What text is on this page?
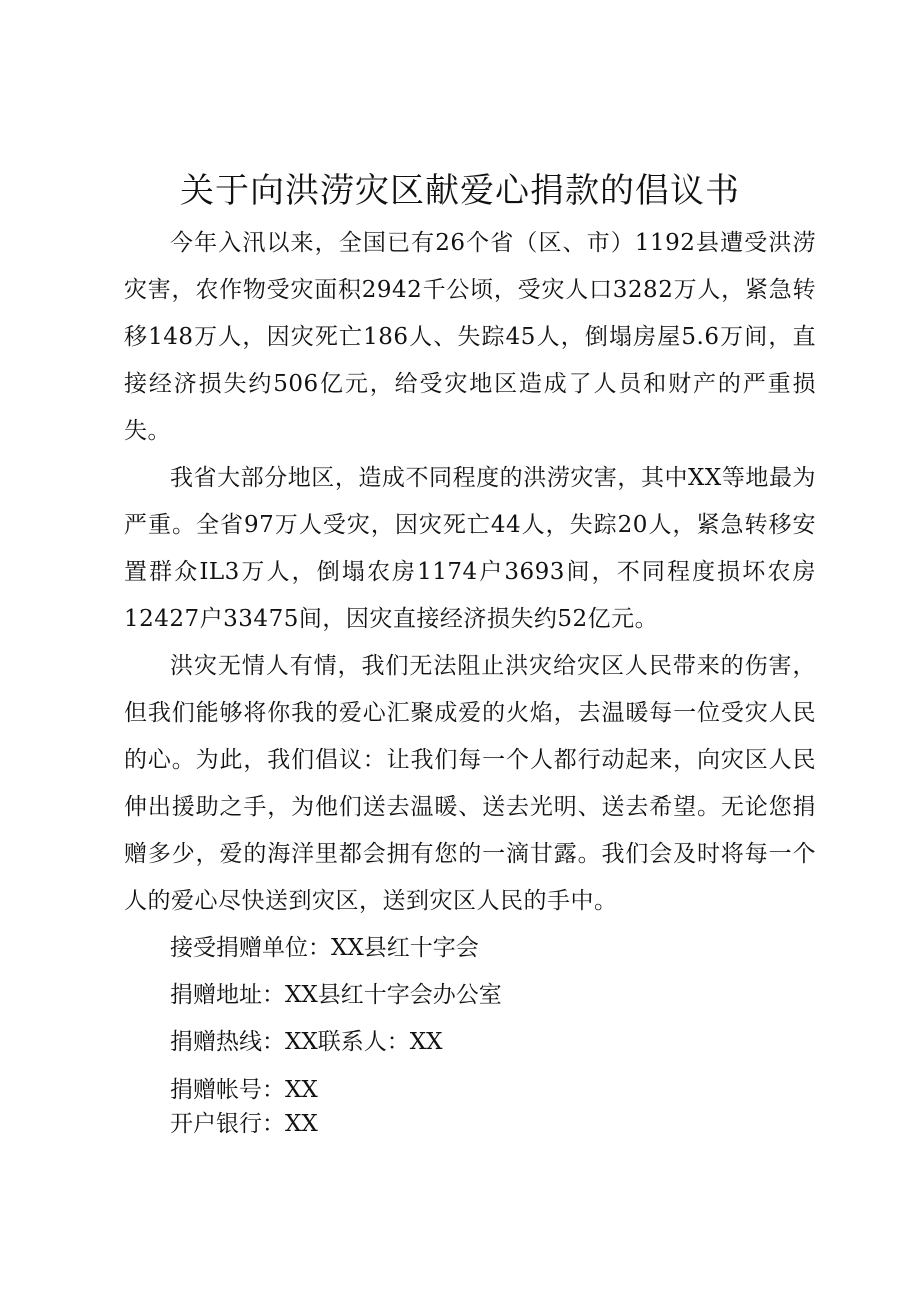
关于向洪涝灾区献爱心捐款的倡议书

今年入汛以来，全国已有26个省（区、市）1192县遭受洪涝灾害，农作物受灾面积2942千公顷，受灾人口3282万人，紧急转移148万人，因灾死亡186人、失踪45人，倒塌房屋5.6万间，直接经济损失约506亿元，给受灾地区造成了人员和财产的严重损失。

我省大部分地区，造成不同程度的洪涝灾害，其中XX等地最为严重。全省97万人受灾，因灾死亡44人，失踪20人，紧急转移安置群众IL3万人，倒塌农房1174户3693间，不同程度损坏农房12427户33475间，因灾直接经济损失约52亿元。

洪灾无情人有情，我们无法阻止洪灾给灾区人民带来的伤害，但我们能够将你我的爱心汇聚成爱的火焰，去温暖每一位受灾人民的心。为此，我们倡议：让我们每一个人都行动起来，向灾区人民伸出援助之手，为他们送去温暖、送去光明、送去希望。无论您捐赠多少，爱的海洋里都会拥有您的一滴甘露。我们会及时将每一个人的爱心尽快送到灾区，送到灾区人民的手中。

接受捐赠单位：XX县红十字会

捐赠地址：XX县红十字会办公室

捐赠热线：XX联系人：XX

捐赠帐号：XX

开户银行：XX
